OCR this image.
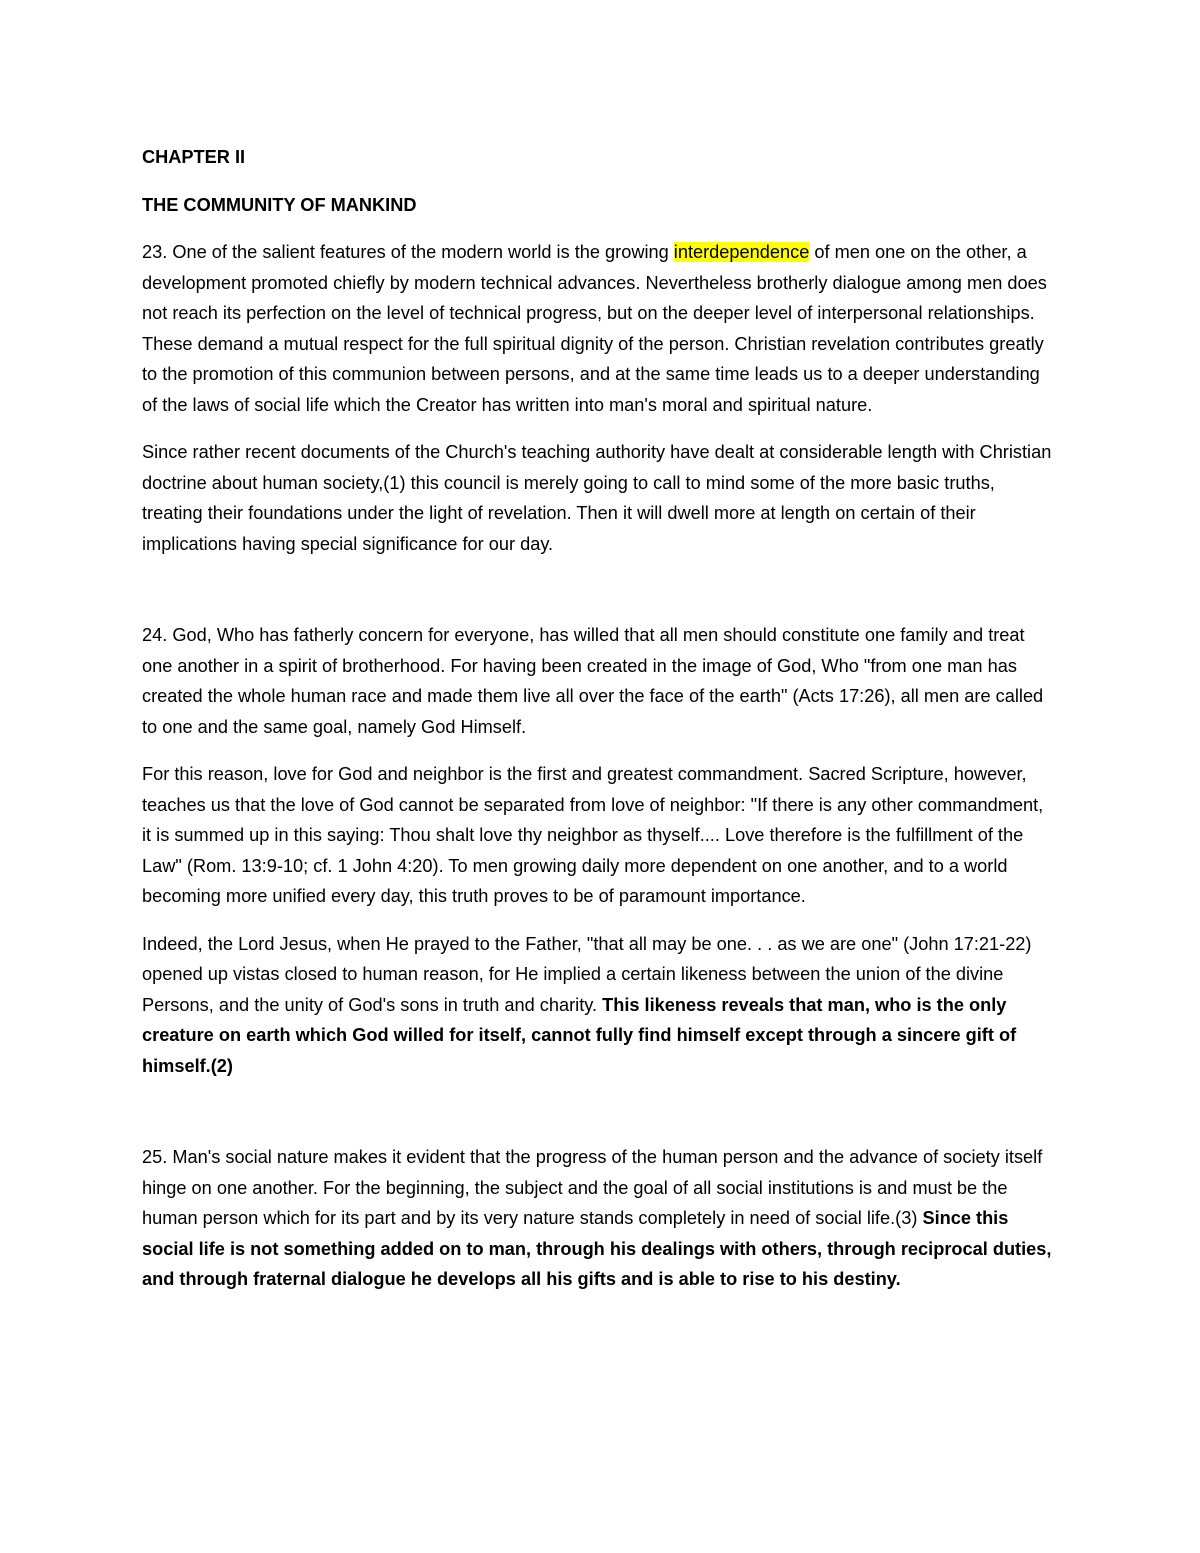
CHAPTER II

THE COMMUNITY OF MANKIND

23. One of the salient features of the modern world is the growing interdependence of men one on the other, a development promoted chiefly by modern technical advances. Nevertheless brotherly dialogue among men does not reach its perfection on the level of technical progress, but on the deeper level of interpersonal relationships. These demand a mutual respect for the full spiritual dignity of the person. Christian revelation contributes greatly to the promotion of this communion between persons, and at the same time leads us to a deeper understanding of the laws of social life which the Creator has written into man's moral and spiritual nature.

Since rather recent documents of the Church's teaching authority have dealt at considerable length with Christian doctrine about human society,(1) this council is merely going to call to mind some of the more basic truths, treating their foundations under the light of revelation. Then it will dwell more at length on certain of their implications having special significance for our day.

24. God, Who has fatherly concern for everyone, has willed that all men should constitute one family and treat one another in a spirit of brotherhood. For having been created in the image of God, Who "from one man has created the whole human race and made them live all over the face of the earth" (Acts 17:26), all men are called to one and the same goal, namely God Himself.

For this reason, love for God and neighbor is the first and greatest commandment. Sacred Scripture, however, teaches us that the love of God cannot be separated from love of neighbor: "If there is any other commandment, it is summed up in this saying: Thou shalt love thy neighbor as thyself.... Love therefore is the fulfillment of the Law" (Rom. 13:9-10; cf. 1 John 4:20). To men growing daily more dependent on one another, and to a world becoming more unified every day, this truth proves to be of paramount importance.

Indeed, the Lord Jesus, when He prayed to the Father, "that all may be one. . . as we are one" (John 17:21-22) opened up vistas closed to human reason, for He implied a certain likeness between the union of the divine Persons, and the unity of God's sons in truth and charity. This likeness reveals that man, who is the only creature on earth which God willed for itself, cannot fully find himself except through a sincere gift of himself.(2)

25. Man's social nature makes it evident that the progress of the human person and the advance of society itself hinge on one another. For the beginning, the subject and the goal of all social institutions is and must be the human person which for its part and by its very nature stands completely in need of social life.(3) Since this social life is not something added on to man, through his dealings with others, through reciprocal duties, and through fraternal dialogue he develops all his gifts and is able to rise to his destiny.
